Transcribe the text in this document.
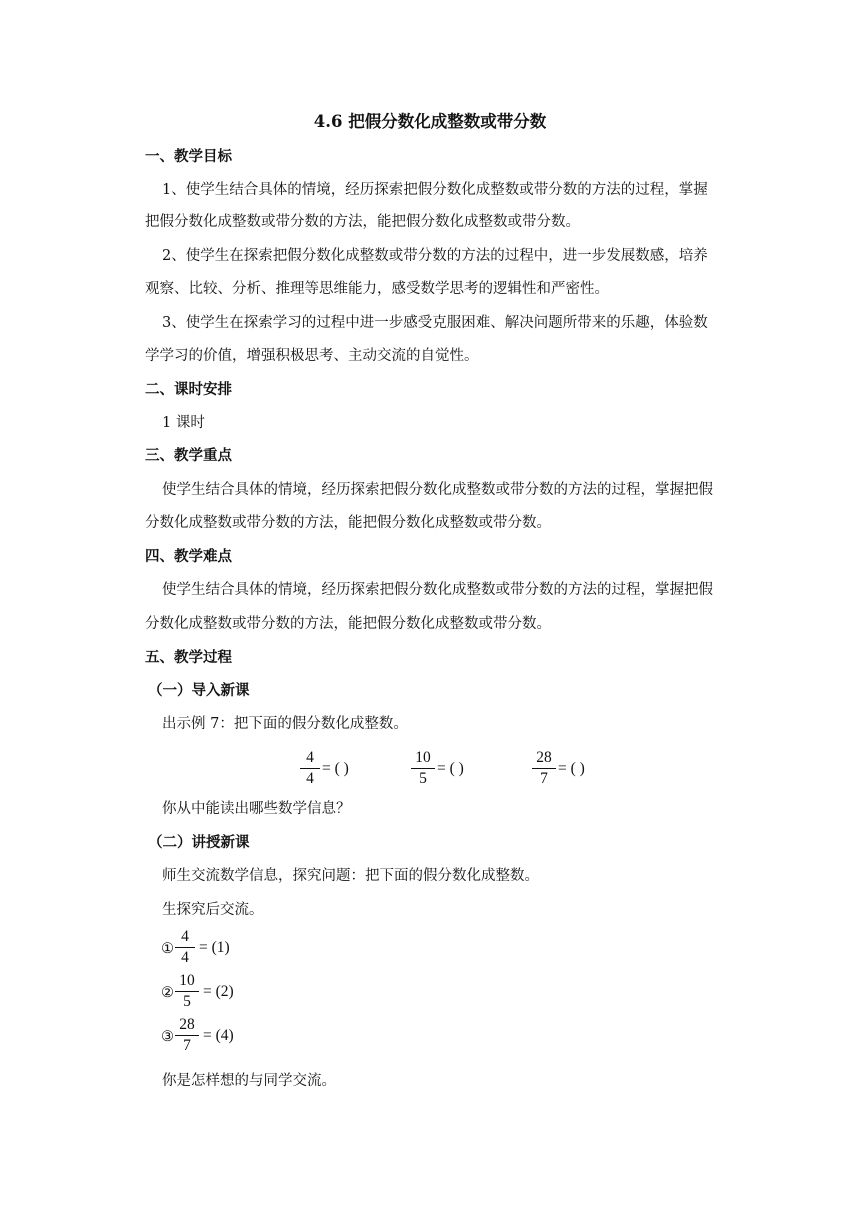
4.6 把假分数化成整数或带分数
一、教学目标
1、使学生结合具体的情境，经历探索把假分数化成整数或带分数的方法的过程，掌握
把假分数化成整数或带分数的方法，能把假分数化成整数或带分数。
2、使学生在探索把假分数化成整数或带分数的方法的过程中，进一步发展数感，培养
观察、比较、分析、推理等思维能力，感受数学思考的逻辑性和严密性。
3、使学生在探索学习的过程中进一步感受克服困难、解决问题所带来的乐趣，体验数
学学习的价值，增强积极思考、主动交流的自觉性。
二、课时安排
1 课时
三、教学重点
使学生结合具体的情境，经历探索把假分数化成整数或带分数的方法的过程，掌握把假
分数化成整数或带分数的方法，能把假分数化成整数或带分数。
四、教学难点
使学生结合具体的情境，经历探索把假分数化成整数或带分数的方法的过程，掌握把假
分数化成整数或带分数的方法，能把假分数化成整数或带分数。
五、教学过程
（一）导入新课
出示例 7：把下面的假分数化成整数。
4
4
= ( )
10
5
= ( )
28
7
= ( )
你从中能读出哪些数学信息？
（二）讲授新课
师生交流数学信息，探究问题：把下面的假分数化成整数。
生探究后交流。
①
4
4
= (1)
②
10
5
= (2)
③
28
7
= (4)
你是怎样想的与同学交流。
